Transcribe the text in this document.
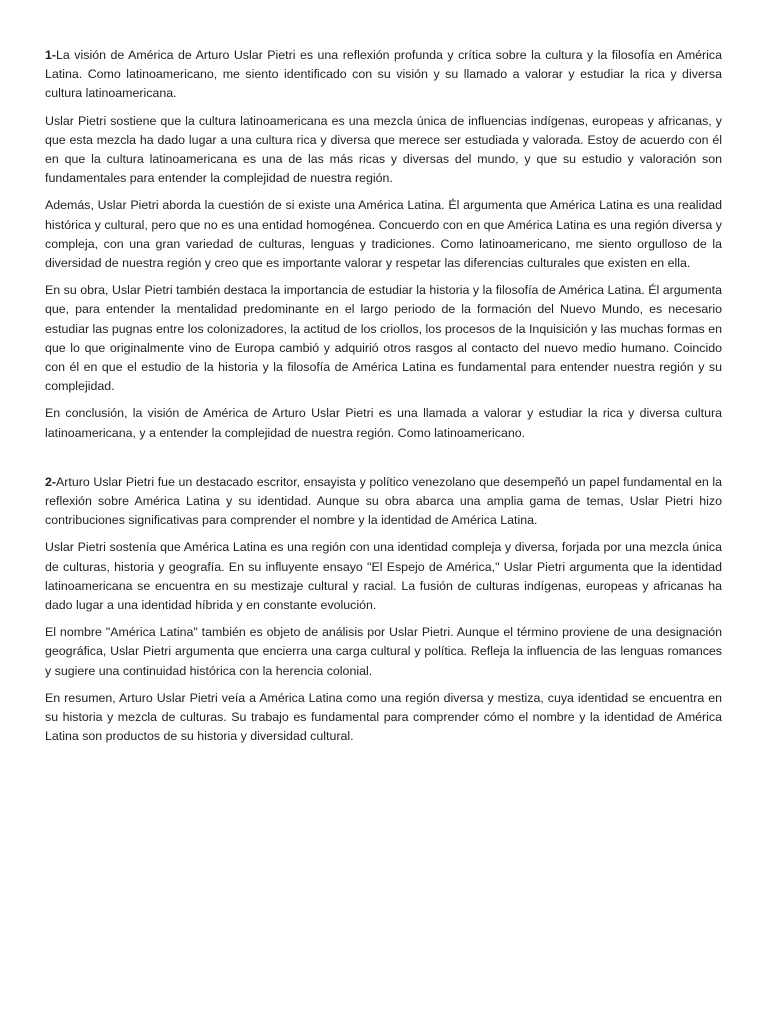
1-La visión de América de Arturo Uslar Pietri es una reflexión profunda y crítica sobre la cultura y la filosofía en América Latina. Como latinoamericano, me siento identificado con su visión y su llamado a valorar y estudiar la rica y diversa cultura latinoamericana.

Uslar Pietri sostiene que la cultura latinoamericana es una mezcla única de influencias indígenas, europeas y africanas, y que esta mezcla ha dado lugar a una cultura rica y diversa que merece ser estudiada y valorada. Estoy de acuerdo con él en que la cultura latinoamericana es una de las más ricas y diversas del mundo, y que su estudio y valoración son fundamentales para entender la complejidad de nuestra región.

Además, Uslar Pietri aborda la cuestión de si existe una América Latina. Él argumenta que América Latina es una realidad histórica y cultural, pero que no es una entidad homogénea. Concuerdo con en que América Latina es una región diversa y compleja, con una gran variedad de culturas, lenguas y tradiciones. Como latinoamericano, me siento orgulloso de la diversidad de nuestra región y creo que es importante valorar y respetar las diferencias culturales que existen en ella.

En su obra, Uslar Pietri también destaca la importancia de estudiar la historia y la filosofía de América Latina. Él argumenta que, para entender la mentalidad predominante en el largo periodo de la formación del Nuevo Mundo, es necesario estudiar las pugnas entre los colonizadores, la actitud de los criollos, los procesos de la Inquisición y las muchas formas en que lo que originalmente vino de Europa cambió y adquirió otros rasgos al contacto del nuevo medio humano. Coincido con él en que el estudio de la historia y la filosofía de América Latina es fundamental para entender nuestra región y su complejidad.

En conclusión, la visión de América de Arturo Uslar Pietri es una llamada a valorar y estudiar la rica y diversa cultura latinoamericana, y a entender la complejidad de nuestra región. Como latinoamericano.

2-Arturo Uslar Pietri fue un destacado escritor, ensayista y político venezolano que desempeñó un papel fundamental en la reflexión sobre América Latina y su identidad. Aunque su obra abarca una amplia gama de temas, Uslar Pietri hizo contribuciones significativas para comprender el nombre y la identidad de América Latina.

Uslar Pietri sostenía que América Latina es una región con una identidad compleja y diversa, forjada por una mezcla única de culturas, historia y geografía. En su influyente ensayo "El Espejo de América," Uslar Pietri argumenta que la identidad latinoamericana se encuentra en su mestizaje cultural y racial. La fusión de culturas indígenas, europeas y africanas ha dado lugar a una identidad híbrida y en constante evolución.

El nombre "América Latina" también es objeto de análisis por Uslar Pietri. Aunque el término proviene de una designación geográfica, Uslar Pietri argumenta que encierra una carga cultural y política. Refleja la influencia de las lenguas romances y sugiere una continuidad histórica con la herencia colonial.

En resumen, Arturo Uslar Pietri veía a América Latina como una región diversa y mestiza, cuya identidad se encuentra en su historia y mezcla de culturas. Su trabajo es fundamental para comprender cómo el nombre y la identidad de América Latina son productos de su historia y diversidad cultural.
